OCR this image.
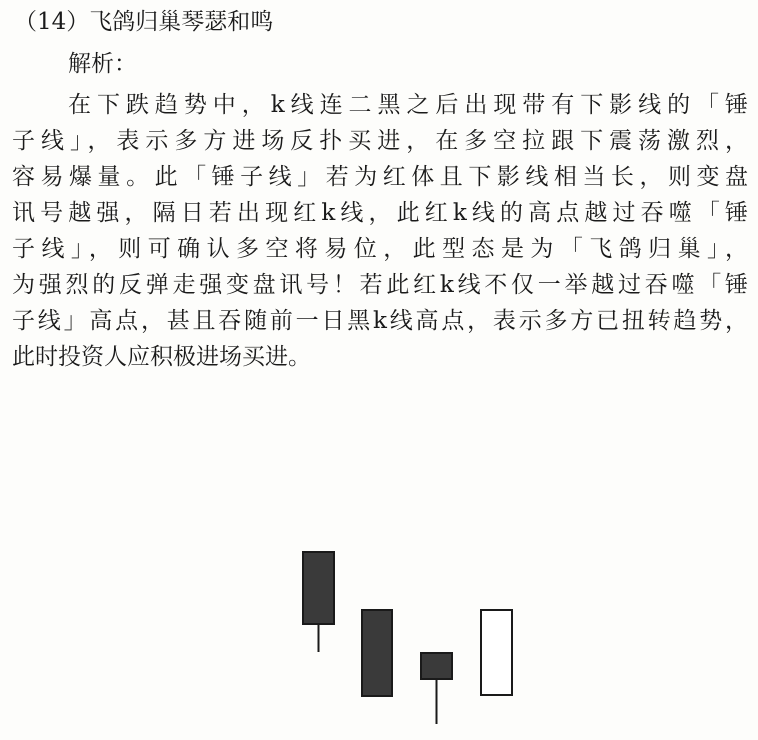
（14）飞鸽归巢琴瑟和鸣
解析：
在下跌趋势中，k线连二黑之后出现带有下影线的「锤
子线」，表示多方进场反扑买进，在多空拉跟下震荡激烈，
容易爆量。此「锤子线」若为红体且下影线相当长，则变盘
讯号越强，隔日若出现红k线，此红k线的高点越过吞噬「锤
子线」，则可确认多空将易位，此型态是为「飞鸽归巢」，
为强烈的反弹走强变盘讯号！若此红k线不仅一举越过吞噬「锤
子线」高点，甚且吞随前一日黑k线高点，表示多方已扭转趋势，
此时投资人应积极进场买进。
